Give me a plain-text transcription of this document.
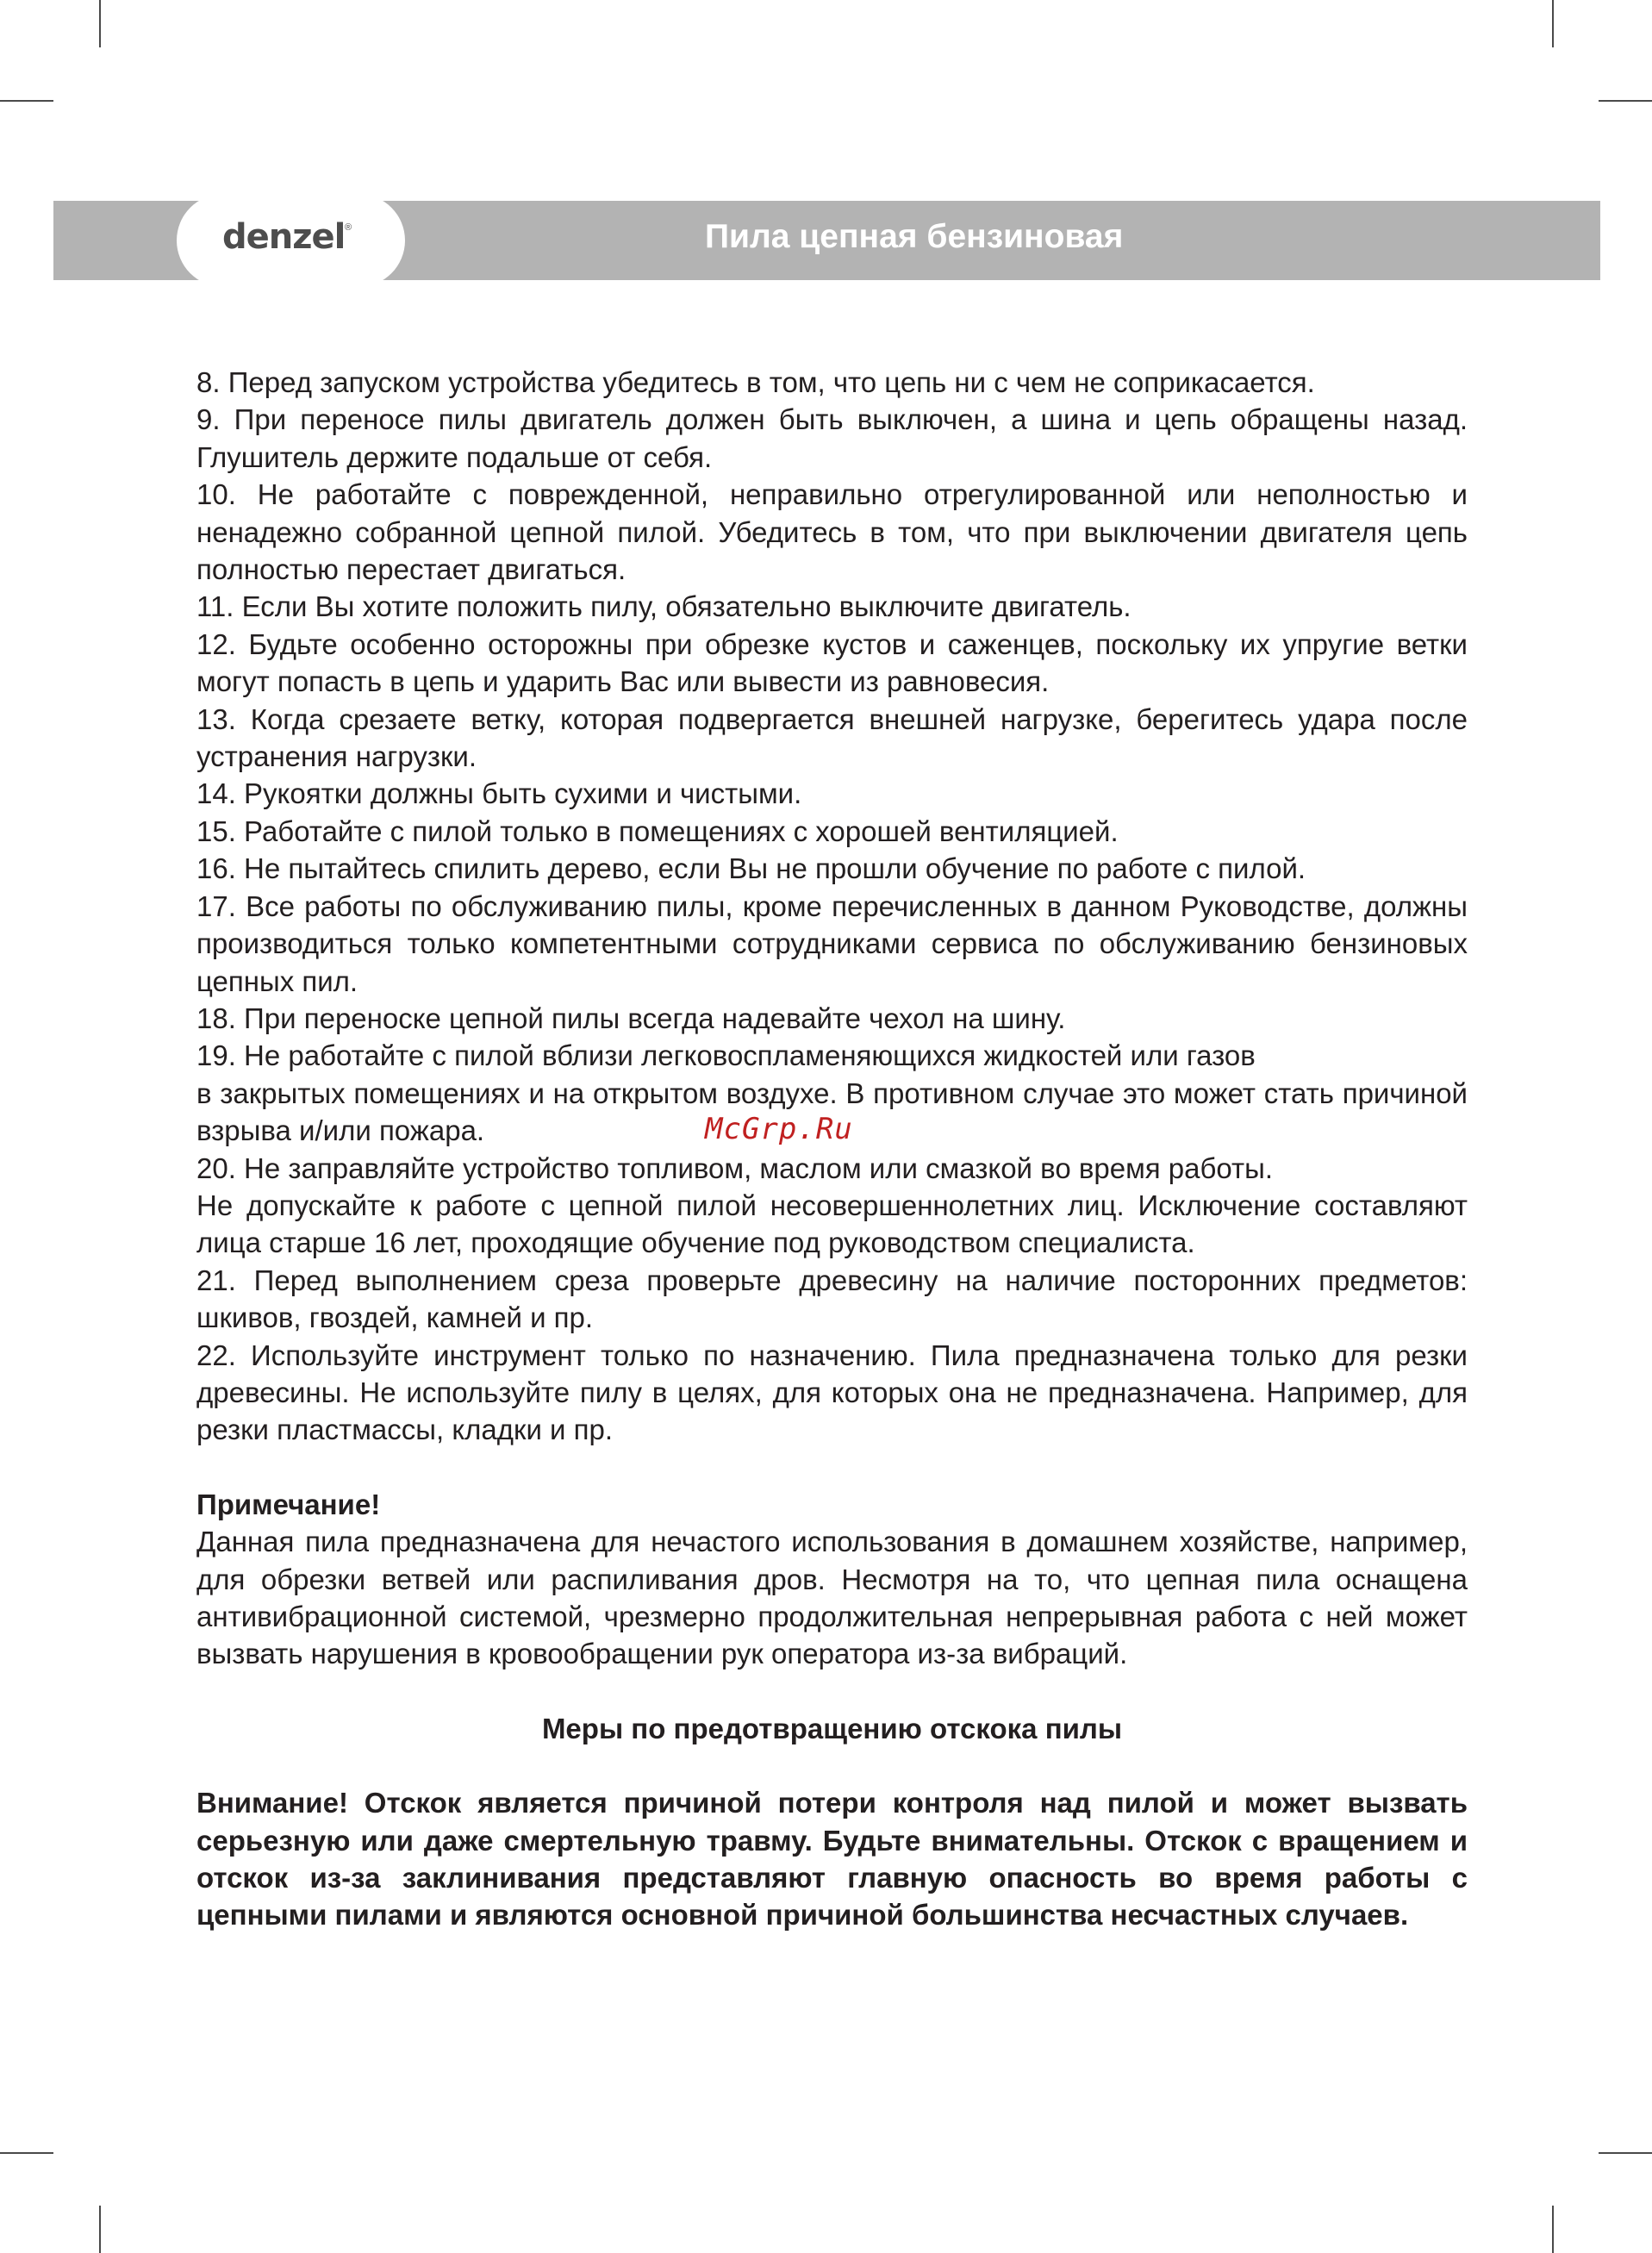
denzel ®	Пила цепная бензиновая

8. Перед запуском устройства убедитесь в том, что цепь ни с чем не соприкасается.

9. При переносе пилы двигатель должен быть выключен, а шина и цепь обращены назад. Глушитель держите подальше от себя.

10. Не работайте с поврежденной, неправильно отрегулированной или неполностью и ненадежно собранной цепной пилой. Убедитесь в том, что при выключении двигателя цепь полностью перестает двигаться.

11. Если Вы хотите положить пилу, обязательно выключите двигатель.

12. Будьте особенно осторожны при обрезке кустов и саженцев, поскольку их упругие ветки могут попасть в цепь и ударить Вас или вывести из равновесия.

13. Когда срезаете ветку, которая подвергается внешней нагрузке, берегитесь удара после устранения нагрузки.

14. Рукоятки должны быть сухими и чистыми.

15. Работайте с пилой только в помещениях с хорошей вентиляцией.

16. Не пытайтесь спилить дерево, если Вы не прошли обучение по работе с пилой.

17. Все работы по обслуживанию пилы, кроме перечисленных в данном Руководстве, должны производиться только компетентными сотрудниками сервиса по обслуживанию бензиновых цепных пил.

18. При переноске цепной пилы всегда надевайте чехол на шину.

19. Не работайте с пилой вблизи легковоспламеняющихся жидкостей или газов

в закрытых помещениях и на открытом воздухе. В противном случае это может стать причиной взрыва и/или пожара.

20. Не заправляйте устройство топливом, маслом или смазкой во время работы.

Не допускайте к работе с цепной пилой несовершеннолетних лиц. Исключение составляют лица старше 16 лет, проходящие обучение под руководством специалиста.

21. Перед выполнением среза проверьте древесину на наличие посторонних предметов: шкивов, гвоздей, камней и пр.

22. Используйте инструмент только по назначению. Пила предназначена только для резки древесины. Не используйте пилу в целях, для которых она не предназначена. Например, для резки пластмассы, кладки и пр.

Примечание!

Данная пила предназначена для нечастого использования в домашнем хозяйстве, например, для обрезки ветвей или распиливания дров. Несмотря на то, что цепная пила оснащена антивибрационной системой, чрезмерно продолжительная непрерывная работа с ней может вызвать нарушения в кровообращении рук оператора из-за вибраций.

Меры по предотвращению отскока пилы

Внимание! Отскок является причиной потери контроля над пилой и может вызвать серьезную или даже смертельную травму. Будьте внимательны. Отскок с вращением и отскок из-за заклинивания представляют главную опасность во время работы с цепными пилами и являются основной причиной большинства несчастных случаев.

McGrp.Ru
